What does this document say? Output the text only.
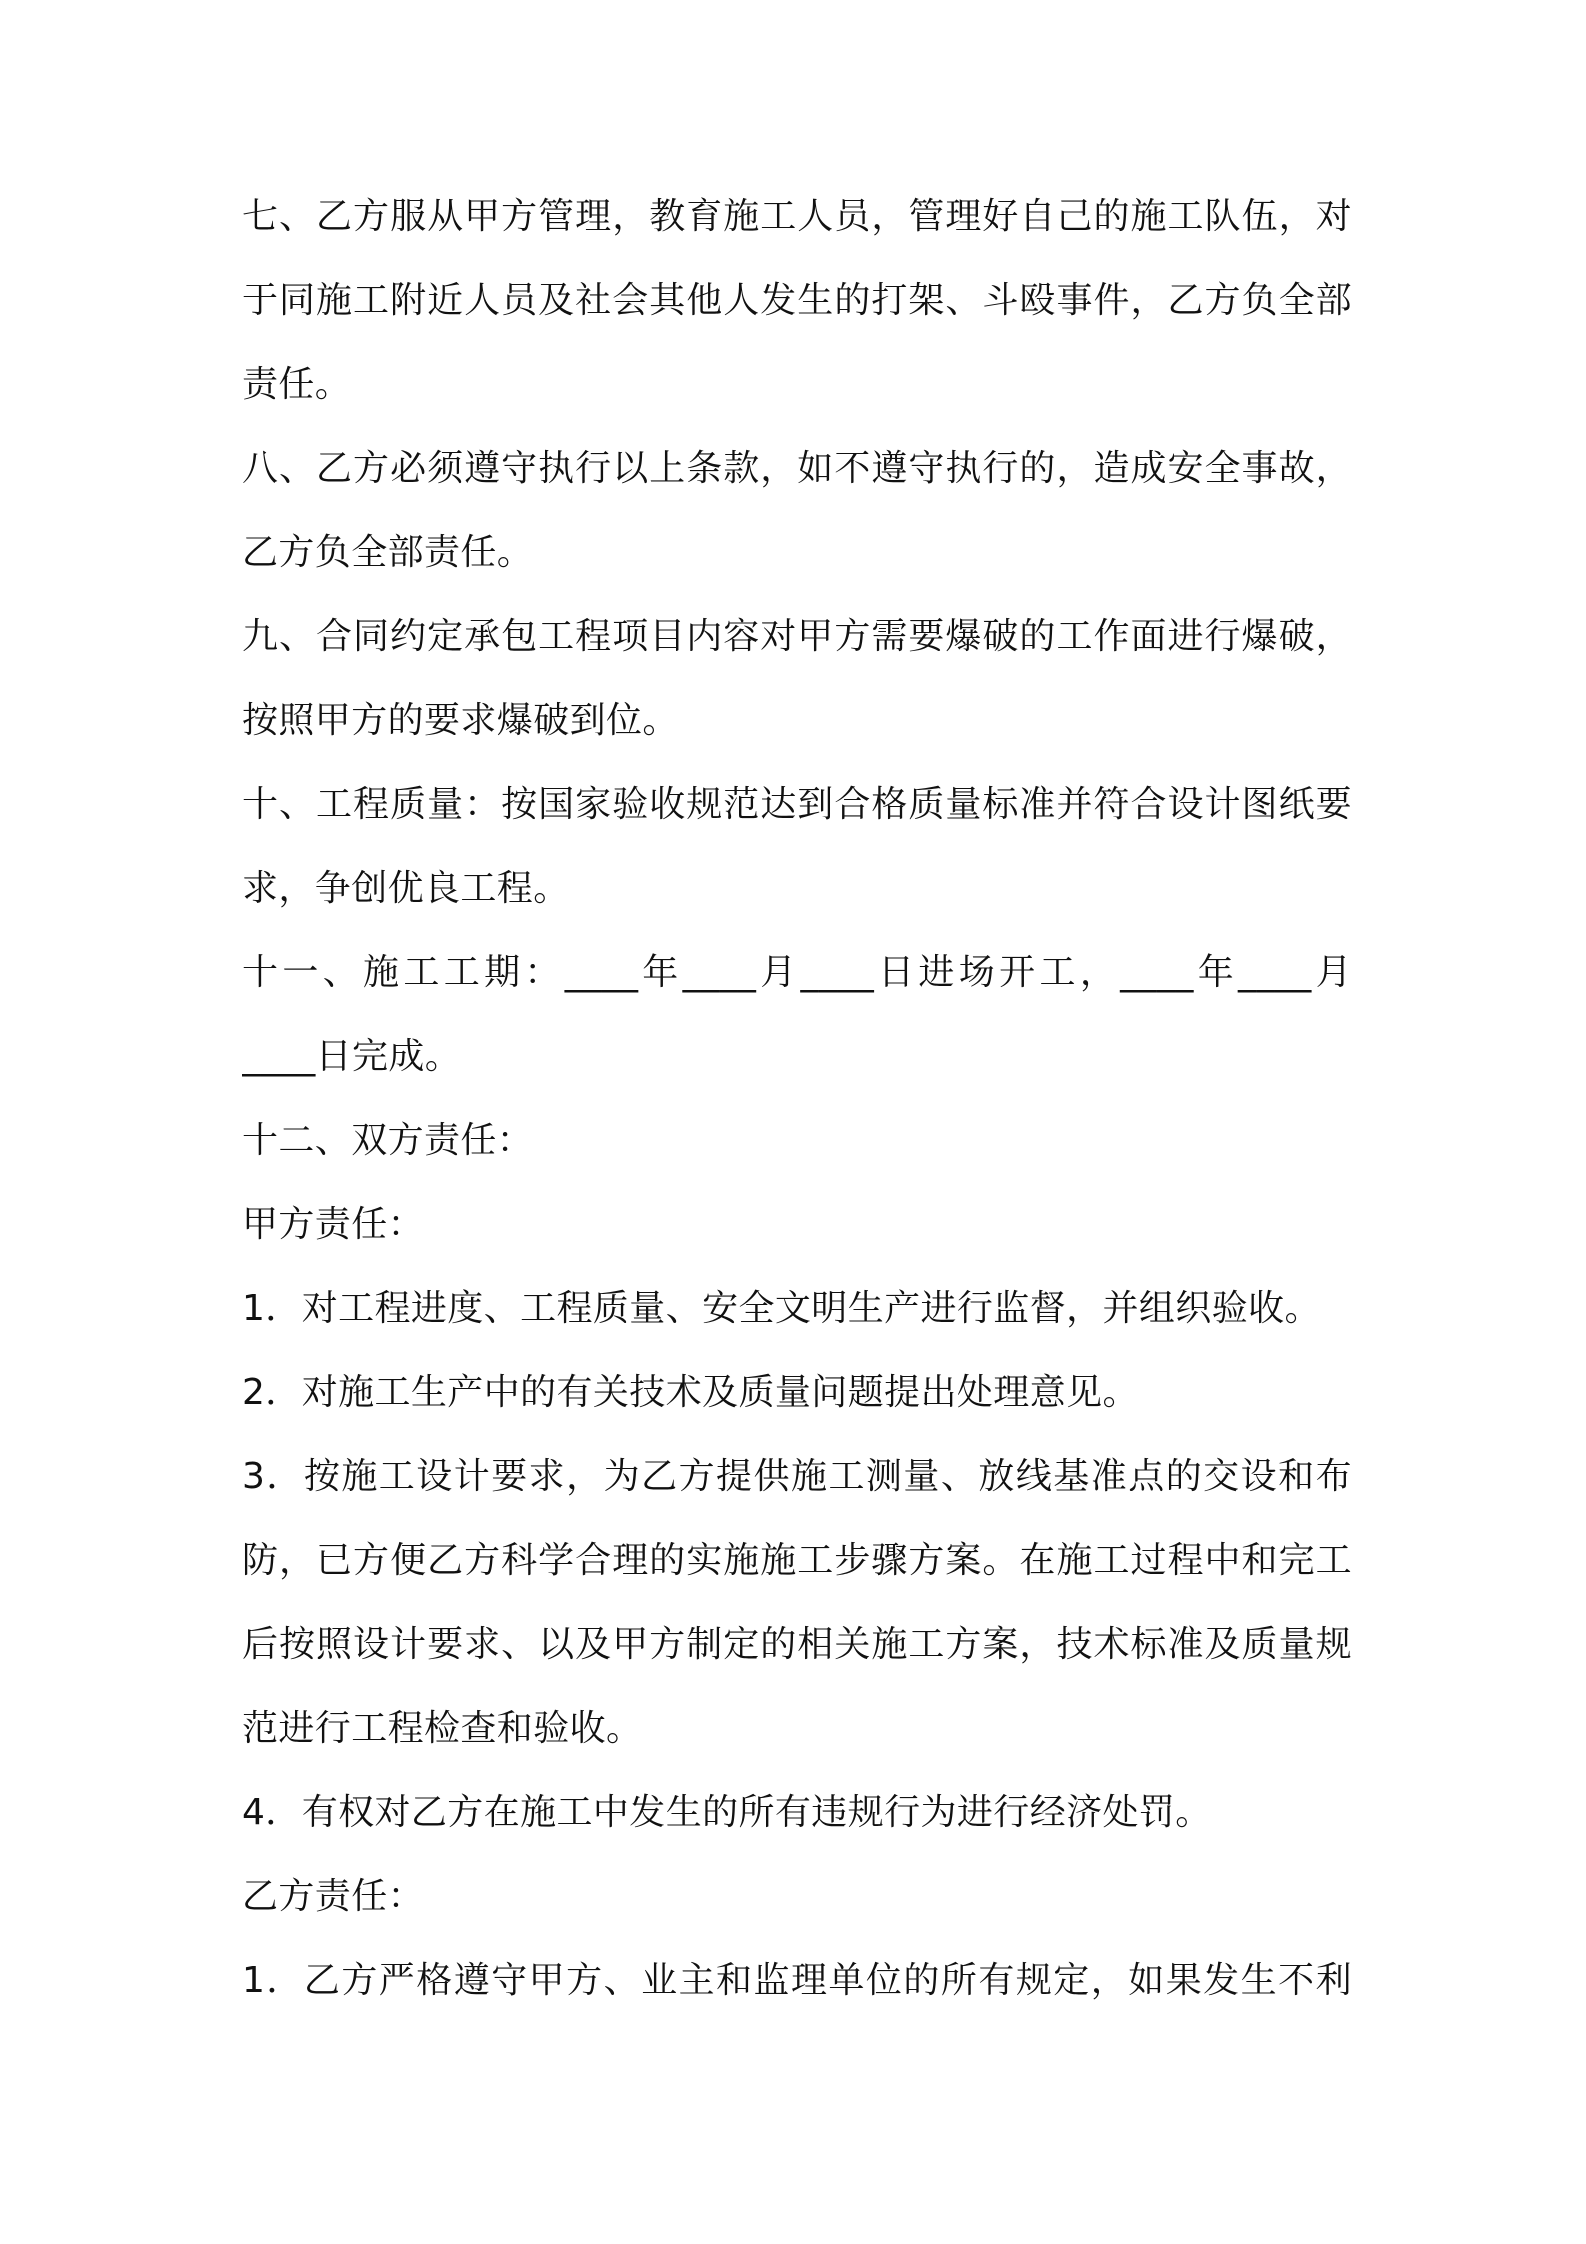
七、乙方服从甲方管理，教育施工人员，管理好自己的施工队伍，对
于同施工附近人员及社会其他人发生的打架、斗殴事件，乙方负全部
责任。
八、乙方必须遵守执行以上条款，如不遵守执行的，造成安全事故，
乙方负全部责任。
九、合同约定承包工程项目内容对甲方需要爆破的工作面进行爆破，
按照甲方的要求爆破到位。
十、工程质量：按国家验收规范达到合格质量标准并符合设计图纸要
求，争创优良工程。
十一、施工工期：____年____月____日进场开工，____年____月
____日完成。
十二、双方责任：
甲方责任：
1．对工程进度、工程质量、安全文明生产进行监督，并组织验收。
2．对施工生产中的有关技术及质量问题提出处理意见。
3．按施工设计要求，为乙方提供施工测量、放线基准点的交设和布
防，已方便乙方科学合理的实施施工步骤方案。在施工过程中和完工
后按照设计要求、以及甲方制定的相关施工方案，技术标准及质量规
范进行工程检查和验收。
4．有权对乙方在施工中发生的所有违规行为进行经济处罚。
乙方责任：
1．乙方严格遵守甲方、业主和监理单位的所有规定，如果发生不利
